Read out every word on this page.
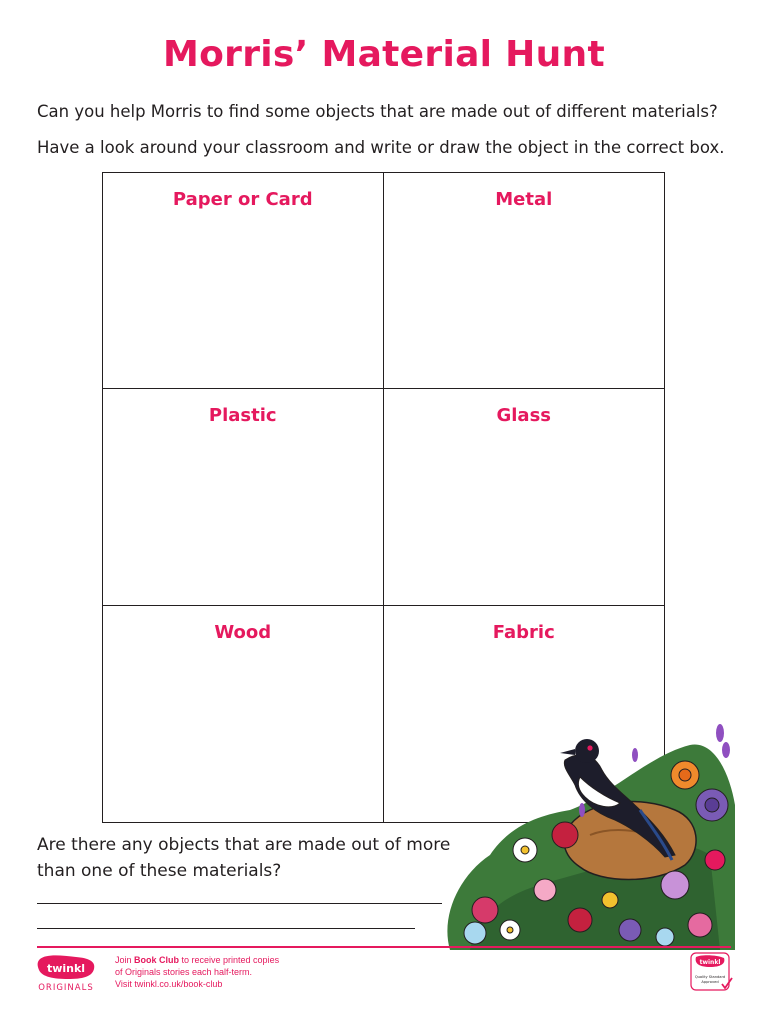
Morris’ Material Hunt
Can you help Morris to find some objects that are made out of different materials?
Have a look around your classroom and write or draw the object in the correct box.
Paper or Card	Metal
Plastic	Glass
Wood	Fabric
Are there any objects that are made out of more than one of these materials?
twinkl
ORIGINALS
Join Book Club to receive printed copies
of Originals stories each half-term.
Visit twinkl.co.uk/book-club
twinkl
Quality Standard
Approved
